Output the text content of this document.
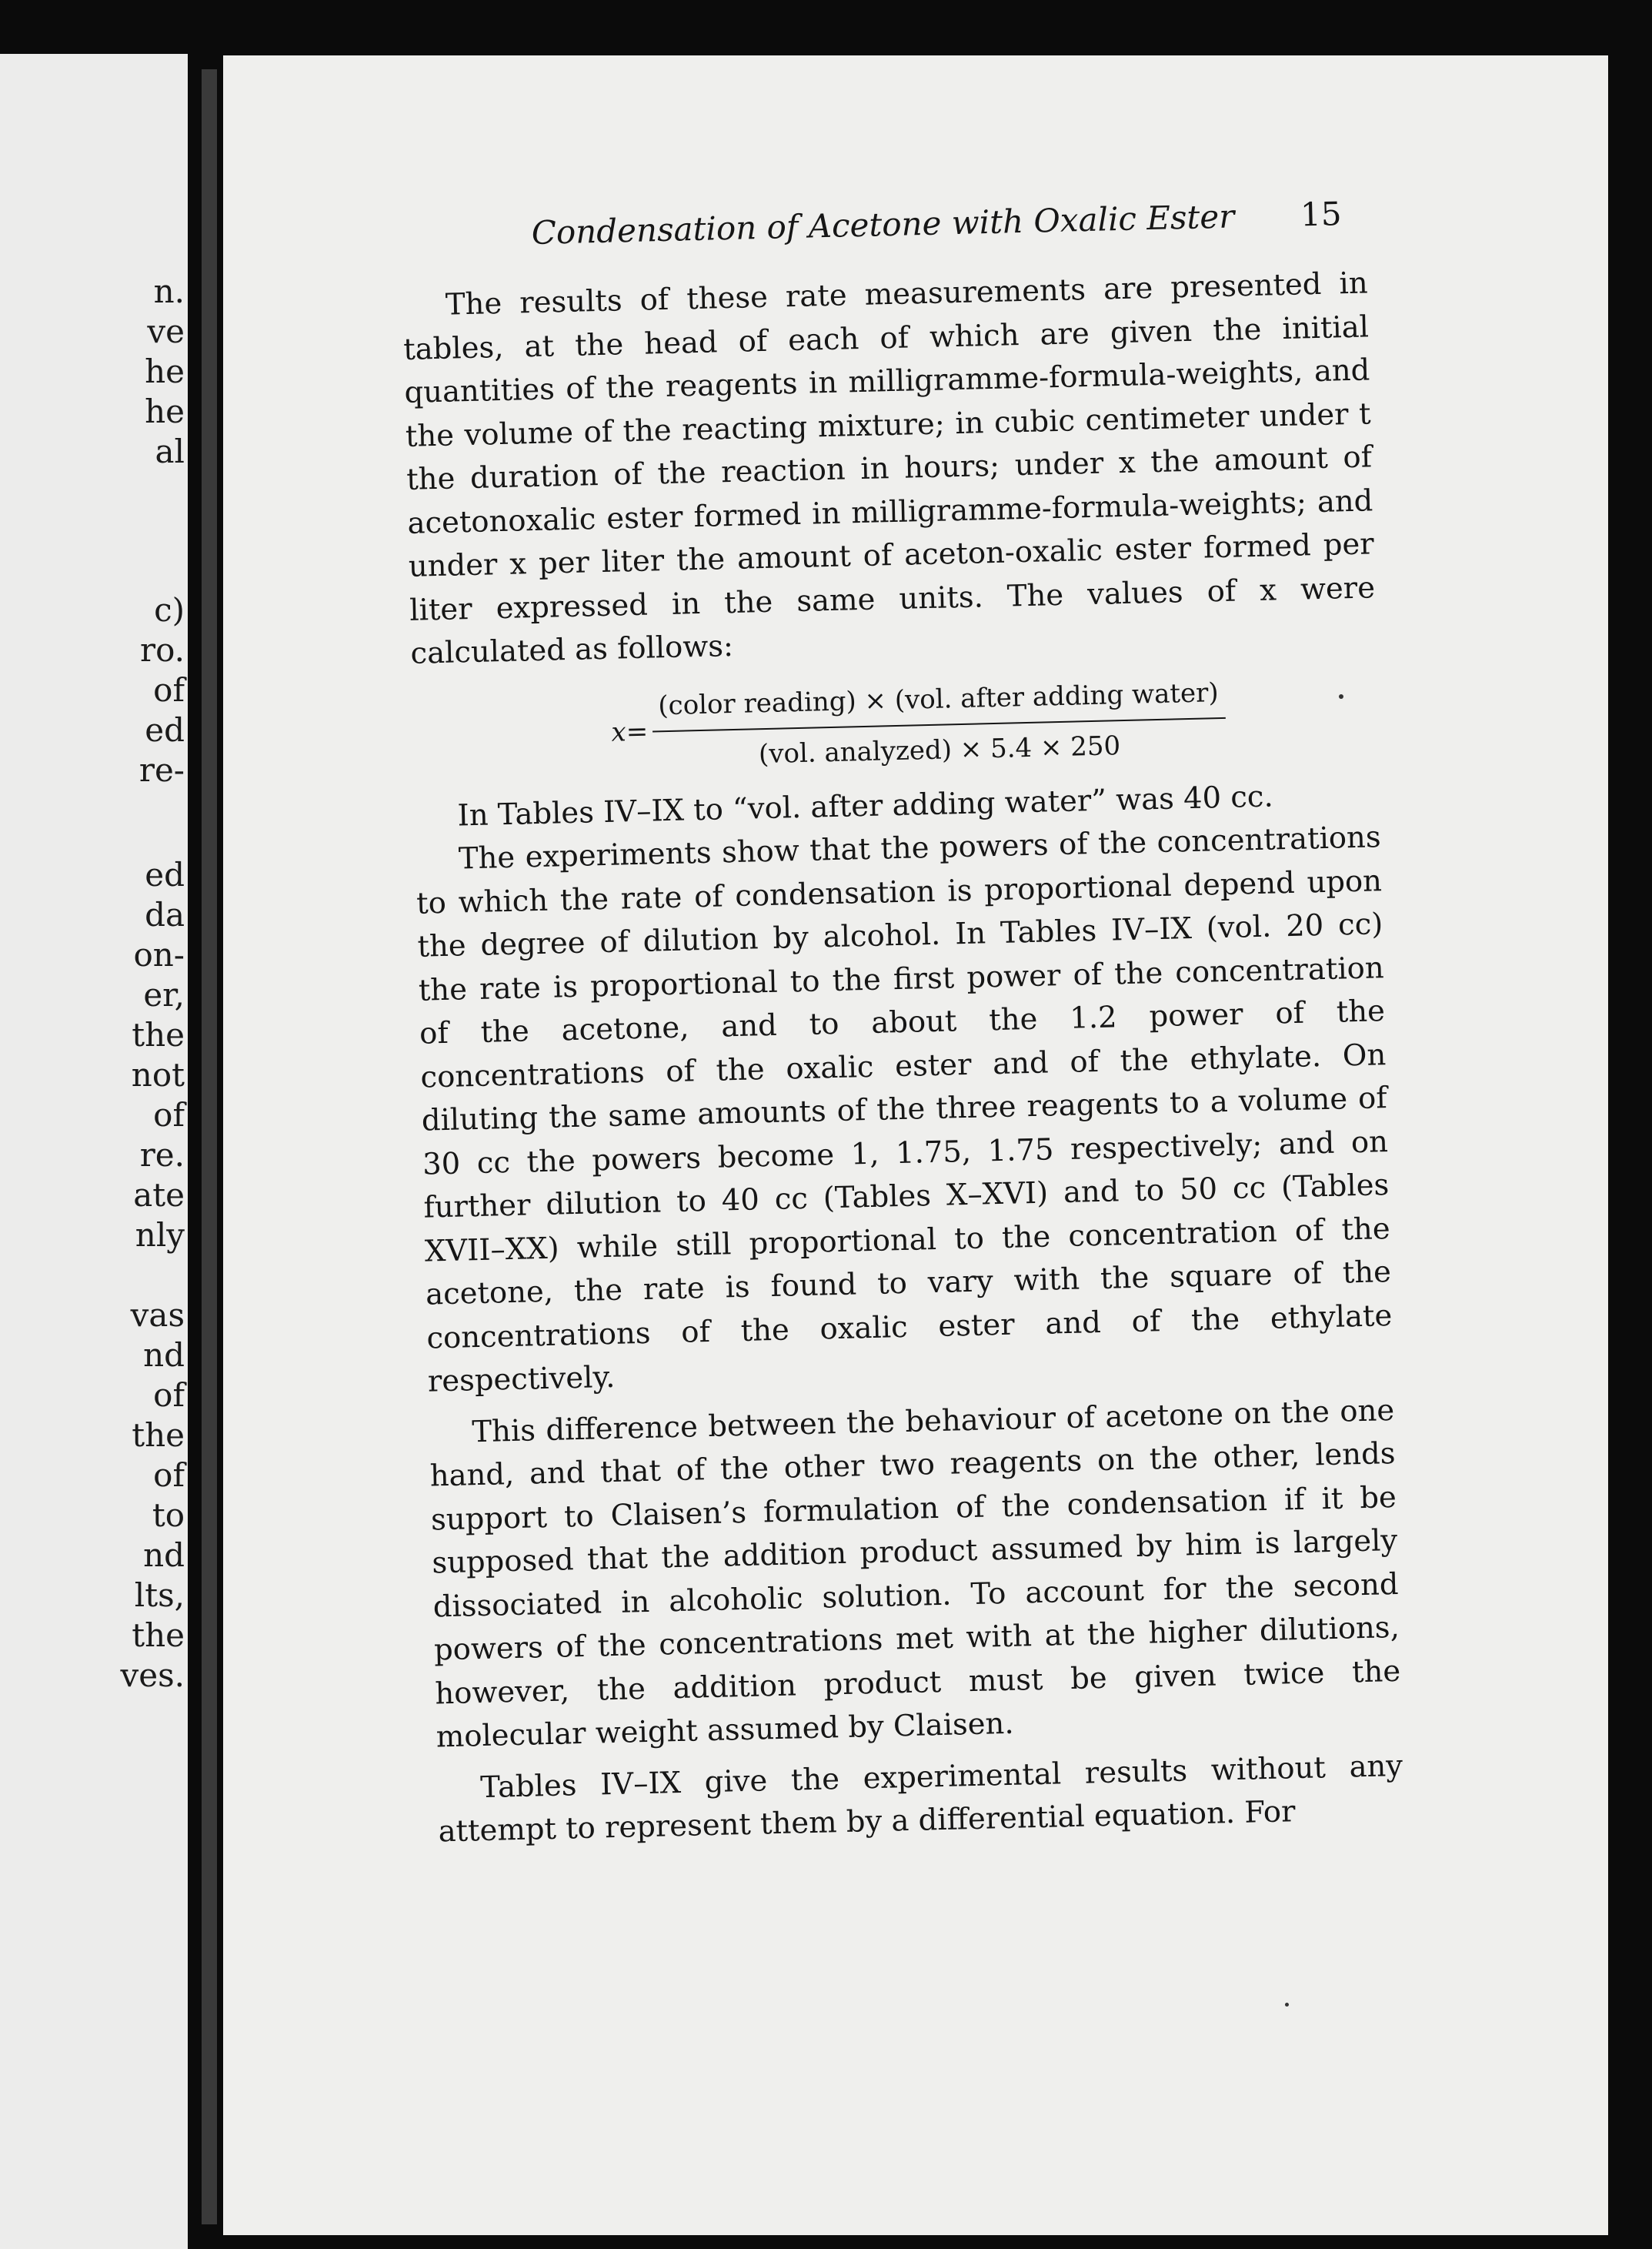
n.
ve
he
he
al
c)
ro.
of
ed
re-
ed
da
on-
er,
the
not
of
re.
ate
nly
vas
nd
of
the
of
to
nd
lts,
the
ves.
Condensation of Acetone with Oxalic Ester 15

The results of these rate measurements are presented in tables, at the head of each of which are given the initial quantities of the reagents in milligramme-formula-weights, and the volume of the reacting mixture; in cubic centimeter under t the duration of the reaction in hours; under x the amount of acetonoxalic ester formed in milligramme-formula-weights; and under x per liter the amount of aceton-oxalic ester formed per liter expressed in the same units. The values of x were calculated as follows:

$x= \frac{\text{(color reading) × (vol. after adding water)}}{\text{(vol. analyzed) × 5.4 × 250}}$

In Tables IV–IX to “vol. after adding water” was 40 cc.

The experiments show that the powers of the concentrations to which the rate of condensation is proportional depend upon the degree of dilution by alcohol. In Tables IV–IX (vol. 20 cc) the rate is proportional to the first power of the concentration of the acetone, and to about the 1.2 power of the concentrations of the oxalic ester and of the ethylate. On diluting the same amounts of the three reagents to a volume of 30 cc the powers become 1, 1.75, 1.75 respectively; and on further dilution to 40 cc (Tables X–XVI) and to 50 cc (Tables XVII–XX) while still proportional to the concentration of the acetone, the rate is found to vary with the square of the concentrations of the oxalic ester and of the ethylate respectively.

This difference between the behaviour of acetone on the one hand, and that of the other two reagents on the other, lends support to Claisen’s formulation of the condensation if it be supposed that the addition product assumed by him is largely dissociated in alcoholic solution. To account for the second powers of the concentrations met with at the higher dilutions, however, the addition product must be given twice the molecular weight assumed by Claisen.

Tables IV–IX give the experimental results without any attempt to represent them by a differential equation. For
